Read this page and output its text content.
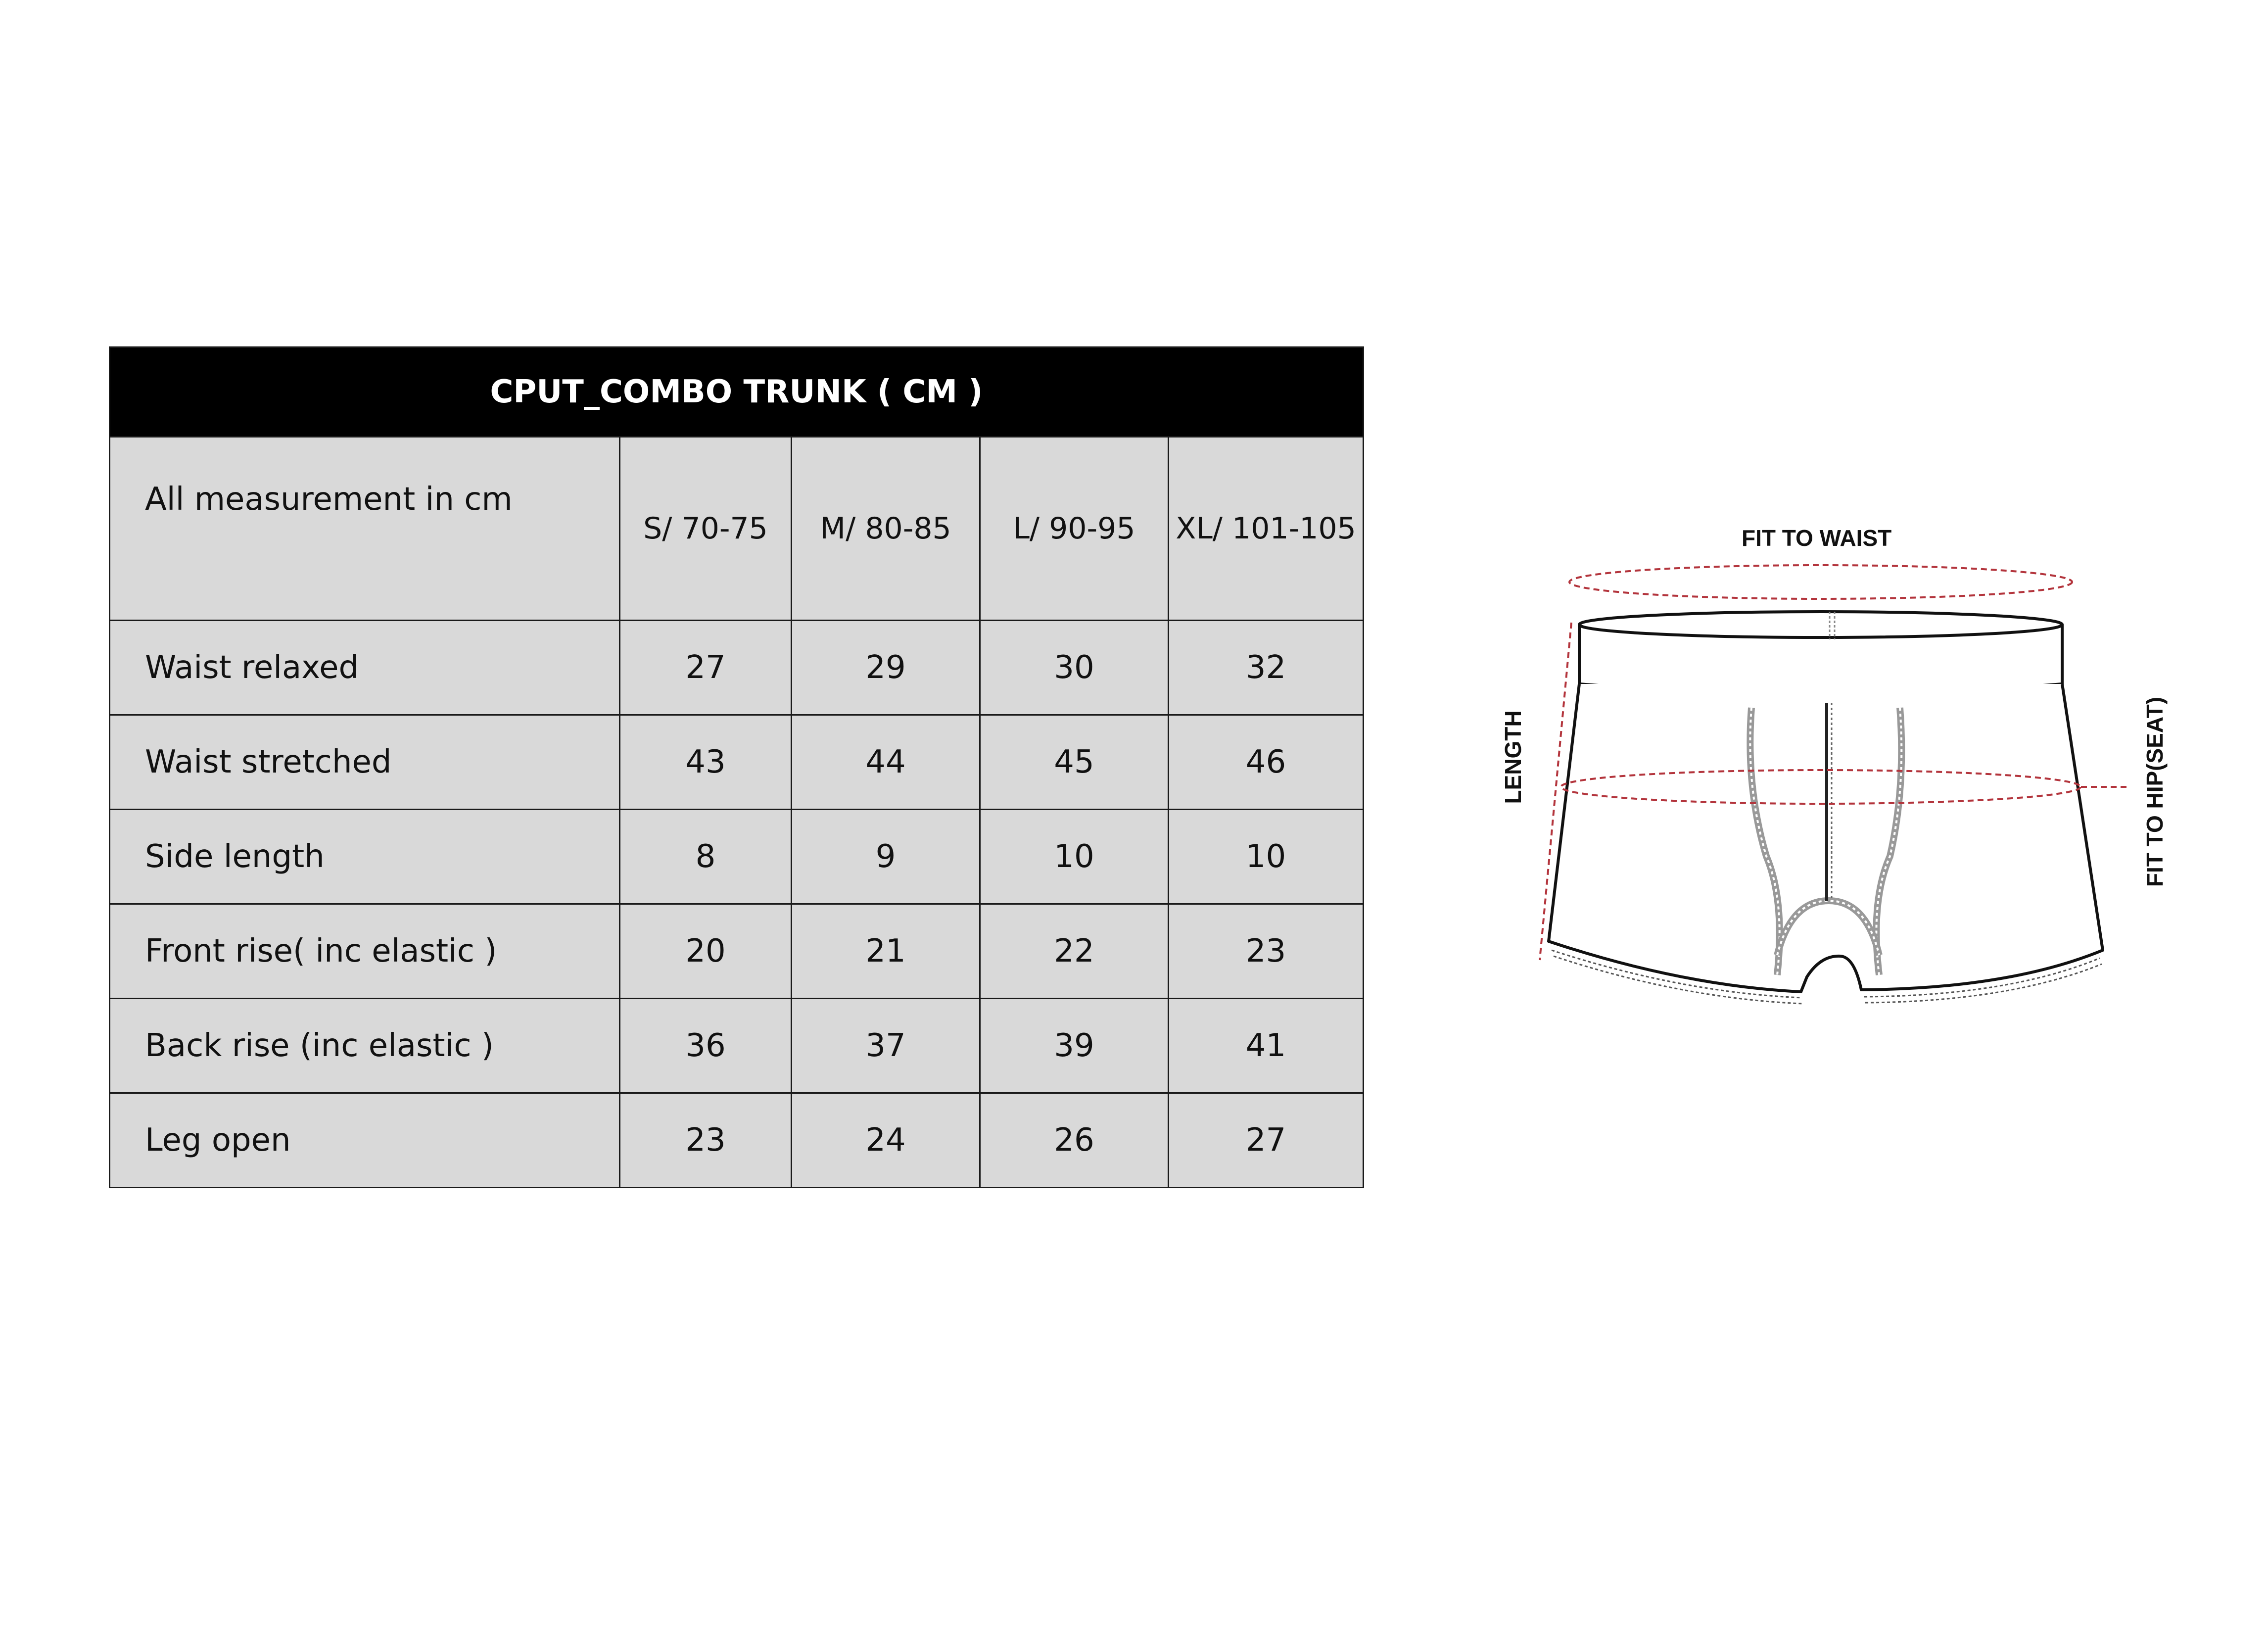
CPUT_COMBO TRUNK ( CM )				
All measurement in cm	S/ 70-75	M/ 80-85	L/ 90-95	XL/ 101-105
Waist relaxed	27	29	30	32
Waist stretched	43	44	45	46
Side length	8	9	10	10
Front rise( inc elastic )	20	21	22	23
Back rise (inc elastic )	36	37	39	41
Leg open	23	24	26	27
FIT TO WAIST
LENGTH	FIT TO HIP(SEAT)
